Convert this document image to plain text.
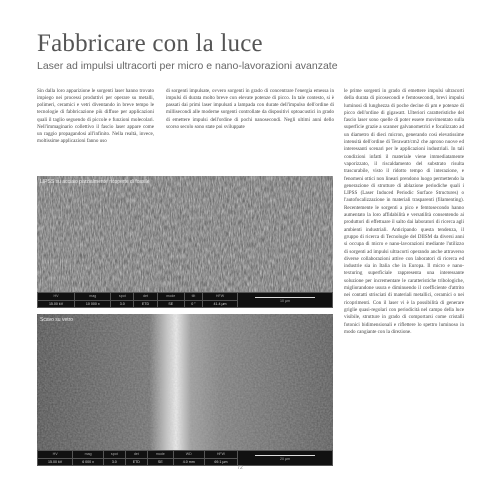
Fabbricare con la luce
Laser ad impulsi ultracorti per micro e nano-lavorazioni avanzate

Sin dalla loro apparizione le sorgenti laser hanno trovato impiego nei processi produttivi per operare su metalli, polimeri, ceramici e vetri diventando in breve tempo le tecnologie di fabbricazione più diffuse per applicazioni quali il taglio seguendo di piccole e funzioni molecolari. Nell'immaginario collettivo il fascio laser appare come un raggio propagandosi all'infinito. Nella realtà, invece, moltissime applicazioni fanno uso

di sorgenti impulsate, ovvero sorgenti in grado di concentrare l'energia emessa in impulsi di durata molto breve con elevate potenze di picco. In tale contesto, si è passati dai primi laser impulsati a lampada con durate dell'impulso dell'ordine di millisecondi alle moderne sorgenti controllate da dispositivi optoacustici in grado di emettere impulsi dell'ordine di pochi nanosecondi. Negli ultimi anni dello scorso secolo sono state poi sviluppate

le prime sorgenti in grado di emettere impulsi ultracorti della durata di picosecondi e femtosecondi, brevi impulsi luminosi di lunghezza di poche decine di µm e potenze di picco dell'ordine di gigawatt. Ulteriori caratteristiche del fascio laser sono quelle di poter essere movimentato sulla superficie grazie a scanner galvanometrici e focalizzato ad un diametro di dieci micron, generando così elevatissime intensità dell'ordine di Terawatt/cm2 che aprono nuove ed interessanti scenari per le applicazioni industriali. In tali condizioni infatti il materiale viene immediatamente vaporizzato, il riscaldamento del substrato risulta trascurabile, visto il ridotto tempo di interazione, e fenomeni ottici non lineari prendono luogo permettendo la generazione di strutture di ablazione periodiche quali i LIPSS (Laser Induced Periodic Surface Structures) o l'autofocalizzazione in materiali trasparenti (filamenting). Recentemente le sorgenti a pico e femtosecondo hanno aumentato la loro affidabilità e versatilità consentendo ai produttori di effettuare il salto dai laboratori di ricerca agli ambienti industriali. Anticipando questa tendenza, il gruppo di ricerca di Tecnologie del DIISM da diversi anni si occupa di micro e nano-lavorazioni mediante l'utilizzo di sorgenti ad impulsi ultracorti operando anche attraverso diverse collaborazioni attive con laboratori di ricerca ed industrie sia in Italia che in Europa. Il micro e nano-texturing superficiale rappresenta una interessante soluzione per incrementare le caratteristiche tribologiche, migliorandone usura e diminuendo il coefficiente d'attrito nei contatti strisciati di materiali metallici, ceramici o nei ricoprimenti. Con il laser vi è la possibilità di generare griglie quasi-regolari con periodicità nel campo della luce visibile, strutture in grado di comportarsi come cristalli fotonici bidimensionali e riflettere lo spettro luminoso in modo cangiante con la direzione.

LIPSS su acciaio parzialmente ricoperte di fossile
HV	mag	spot	det	mode	tilt	HFW	10 µm
15.00 kV	10 000 x	3.0	ETD	SE	0 °	41.4 µm	
Scavo su vetro
HV	mag	spot	det	mode	WD	HFW	20 µm
15.00 kV	6 000 x	3.0	ETD	SE	4.0 mm	69.1 µm	
72
